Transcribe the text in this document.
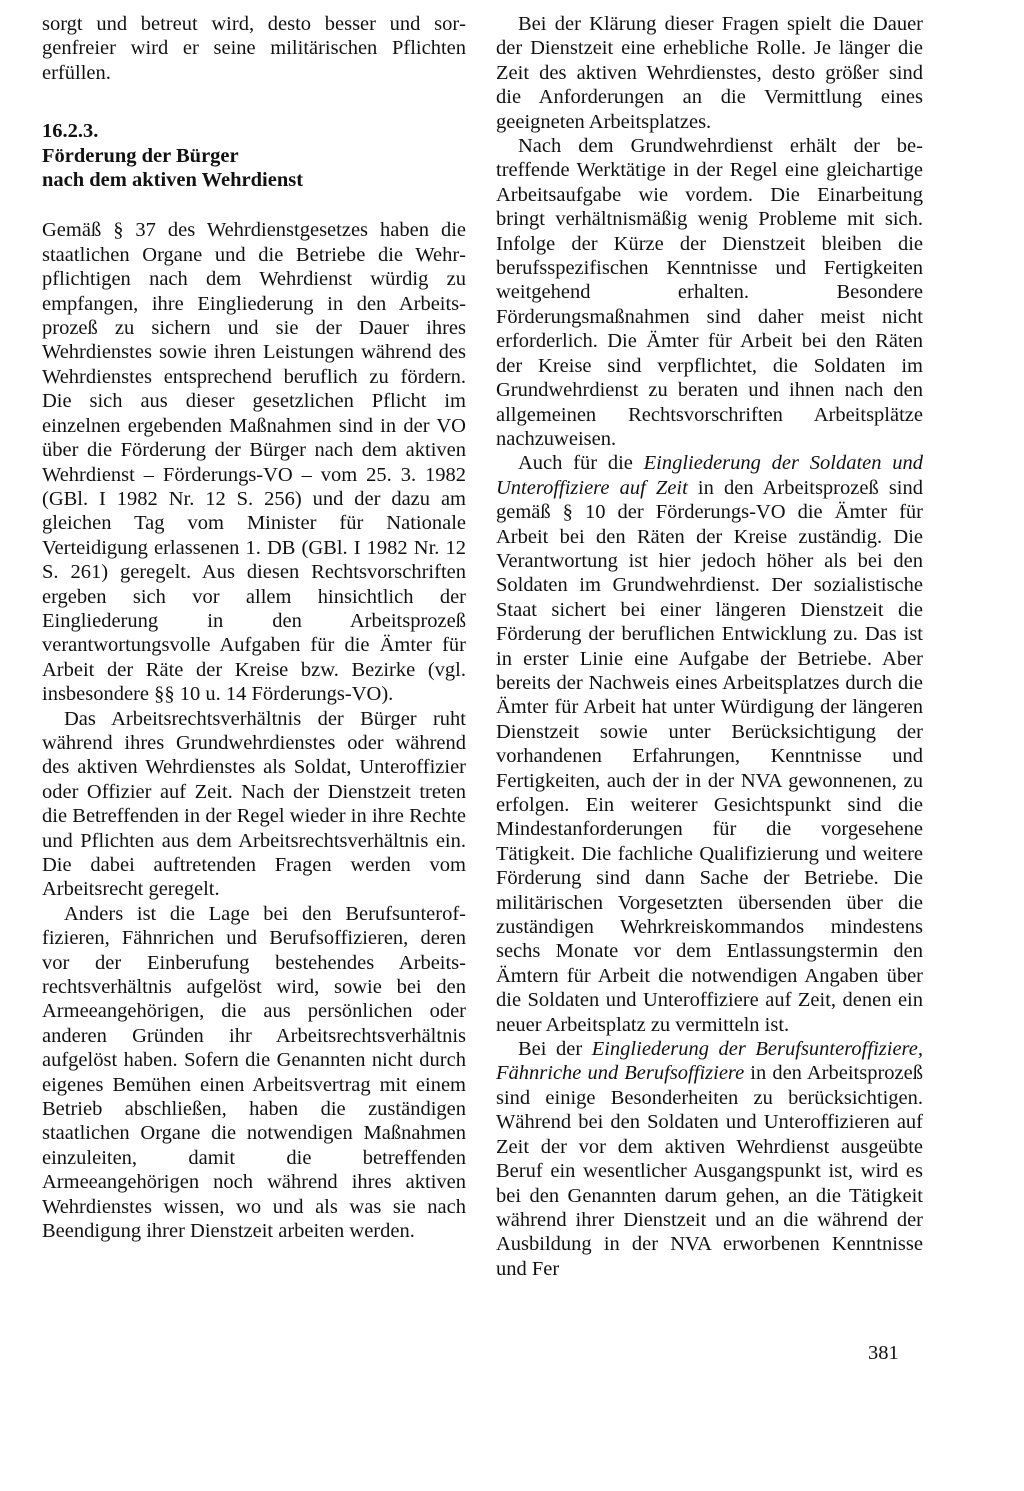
sorgt und betreut wird, desto besser und sorgenfreier wird er seine militärischen Pflichten erfüllen.

16.2.3.
Förderung der Bürger
nach dem aktiven Wehrdienst

Gemäß § 37 des Wehrdienstgesetzes haben die staatlichen Organe und die Betriebe die Wehrpflichtigen nach dem Wehrdienst würdig zu empfangen, ihre Eingliederung in den Arbeitsprozeß zu sichern und sie der Dauer ihres Wehrdienstes sowie ihren Leistungen während des Wehrdienstes entsprechend beruflich zu fördern. Die sich aus dieser gesetzlichen Pflicht im einzelnen ergebenden Maßnahmen sind in der VO über die Förderung der Bürger nach dem aktiven Wehrdienst – Förderungs-VO – vom 25. 3. 1982 (GBl. I 1982 Nr. 12 S. 256) und der dazu am gleichen Tag vom Minister für Nationale Verteidigung erlassenen 1. DB (GBl. I 1982 Nr. 12 S. 261) geregelt. Aus diesen Rechtsvorschriften ergeben sich vor allem hinsichtlich der Eingliederung in den Arbeitsprozeß verantwortungsvolle Aufgaben für die Ämter für Arbeit der Räte der Kreise bzw. Bezirke (vgl. insbesondere §§ 10 u. 14 Förderungs-VO).

Das Arbeitsrechtsverhältnis der Bürger ruht während ihres Grundwehrdienstes oder während des aktiven Wehrdienstes als Soldat, Unteroffizier oder Offizier auf Zeit. Nach der Dienstzeit treten die Betreffenden in der Regel wieder in ihre Rechte und Pflichten aus dem Arbeitsrechtsverhältnis ein. Die dabei auftretenden Fragen werden vom Arbeitsrecht geregelt.

Anders ist die Lage bei den Berufsunteroffizieren, Fähnrichen und Berufsoffizieren, deren vor der Einberufung bestehendes Arbeitsrechtsverhältnis aufgelöst wird, sowie bei den Armeeangehörigen, die aus persönlichen oder anderen Gründen ihr Arbeitsrechtsverhältnis aufgelöst haben. Sofern die Genannten nicht durch eigenes Bemühen einen Arbeitsvertrag mit einem Betrieb abschließen, haben die zuständigen staatlichen Organe die notwendigen Maßnahmen einzuleiten, damit die betreffenden Armeeangehörigen noch während ihres aktiven Wehrdienstes wissen, wo und als was sie nach Beendigung ihrer Dienstzeit arbeiten werden.

Bei der Klärung dieser Fragen spielt die Dauer der Dienstzeit eine erhebliche Rolle. Je länger die Zeit des aktiven Wehrdienstes, desto größer sind die Anforderungen an die Vermittlung eines geeigneten Arbeitsplatzes.

Nach dem Grundwehrdienst erhält der betreffende Werktätige in der Regel eine gleichartige Arbeitsaufgabe wie vordem. Die Einarbeitung bringt verhältnismäßig wenig Probleme mit sich. Infolge der Kürze der Dienstzeit bleiben die berufsspezifischen Kenntnisse und Fertigkeiten weitgehend erhalten. Besondere Förderungsmaßnahmen sind daher meist nicht erforderlich. Die Ämter für Arbeit bei den Räten der Kreise sind verpflichtet, die Soldaten im Grundwehrdienst zu beraten und ihnen nach den allgemeinen Rechtsvorschriften Arbeitsplätze nachzuweisen.

Auch für die Eingliederung der Soldaten und Unteroffiziere auf Zeit in den Arbeitsprozeß sind gemäß § 10 der Förderungs-VO die Ämter für Arbeit bei den Räten der Kreise zuständig. Die Verantwortung ist hier jedoch höher als bei den Soldaten im Grundwehrdienst. Der sozialistische Staat sichert bei einer längeren Dienstzeit die Förderung der beruflichen Entwicklung zu. Das ist in erster Linie eine Aufgabe der Betriebe. Aber bereits der Nachweis eines Arbeitsplatzes durch die Ämter für Arbeit hat unter Würdigung der längeren Dienstzeit sowie unter Berücksichtigung der vorhandenen Erfahrungen, Kenntnisse und Fertigkeiten, auch der in der NVA gewonnenen, zu erfolgen. Ein weiterer Gesichtspunkt sind die Mindestanforderungen für die vorgesehene Tätigkeit. Die fachliche Qualifizierung und weitere Förderung sind dann Sache der Betriebe. Die militärischen Vorgesetzten übersenden über die zuständigen Wehrkreiskommandos mindestens sechs Monate vor dem Entlassungstermin den Ämtern für Arbeit die notwendigen Angaben über die Soldaten und Unteroffiziere auf Zeit, denen ein neuer Arbeitsplatz zu vermitteln ist.

Bei der Eingliederung der Berufsunteroffiziere, Fähnriche und Berufsoffiziere in den Arbeitsprozeß sind einige Besonderheiten zu berücksichtigen. Während bei den Soldaten und Unteroffizieren auf Zeit der vor dem aktiven Wehrdienst ausgeübte Beruf ein wesentlicher Ausgangspunkt ist, wird es bei den Genannten darum gehen, an die Tätigkeit während ihrer Dienstzeit und an die während der Ausbildung in der NVA erworbenen Kenntnisse und Fer

381
